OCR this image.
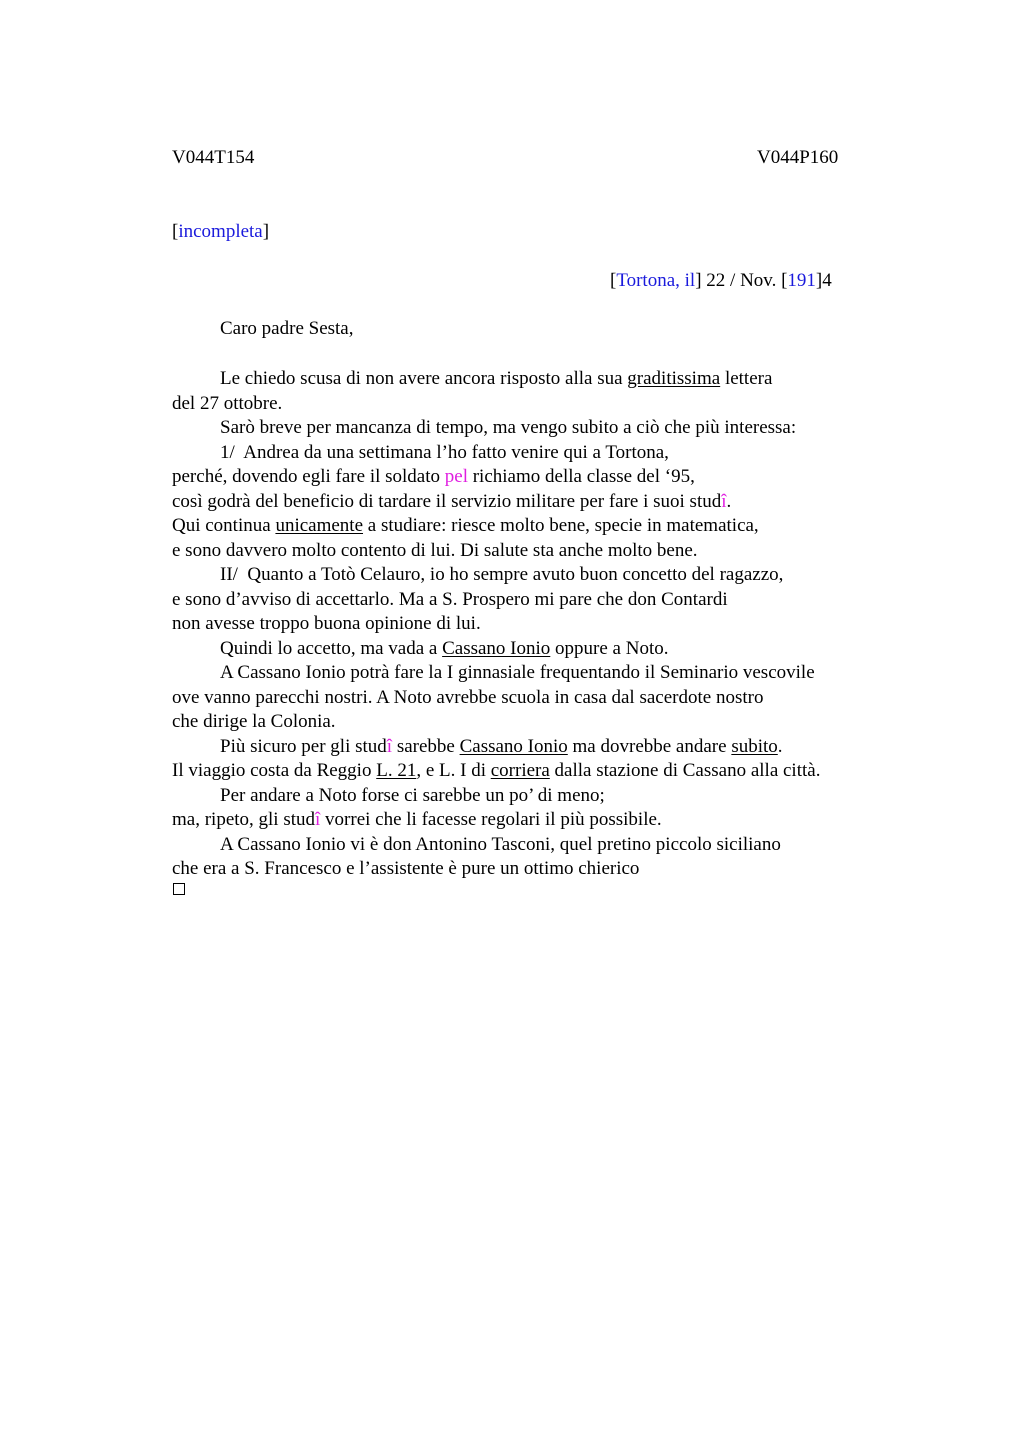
V044T154	V044P160
[incompleta]
[Tortona, il] 22 / Nov. [191]4
Caro padre Sesta,
Le chiedo scusa di non avere ancora risposto alla sua graditissima lettera
del 27 ottobre.
Sarò breve per mancanza di tempo, ma vengo subito a ciò che più interessa:
1/  Andrea da una settimana l’ho fatto venire qui a Tortona,
perché, dovendo egli fare il soldato pel richiamo della classe del ‘95,
così godrà del beneficio di tardare il servizio militare per fare i suoi studî.
Qui continua unicamente a studiare: riesce molto bene, specie in matematica,
e sono davvero molto contento di lui. Di salute sta anche molto bene.
II/  Quanto a Totò Celauro, io ho sempre avuto buon concetto del ragazzo,
e sono d’avviso di accettarlo. Ma a S. Prospero mi pare che don Contardi
non avesse troppo buona opinione di lui.
Quindi lo accetto, ma vada a Cassano Ionio oppure a Noto.
A Cassano Ionio potrà fare la I ginnasiale frequentando il Seminario vescovile
ove vanno parecchi nostri. A Noto avrebbe scuola in casa dal sacerdote nostro
che dirige la Colonia.
Più sicuro per gli studî sarebbe Cassano Ionio ma dovrebbe andare subito.
Il viaggio costa da Reggio L. 21, e L. I di corriera dalla stazione di Cassano alla città.
Per andare a Noto forse ci sarebbe un po’ di meno;
ma, ripeto, gli studî vorrei che li facesse regolari il più possibile.
A Cassano Ionio vi è don Antonino Tasconi, quel pretino piccolo siciliano
che era a S. Francesco e l’assistente è pure un ottimo chierico
